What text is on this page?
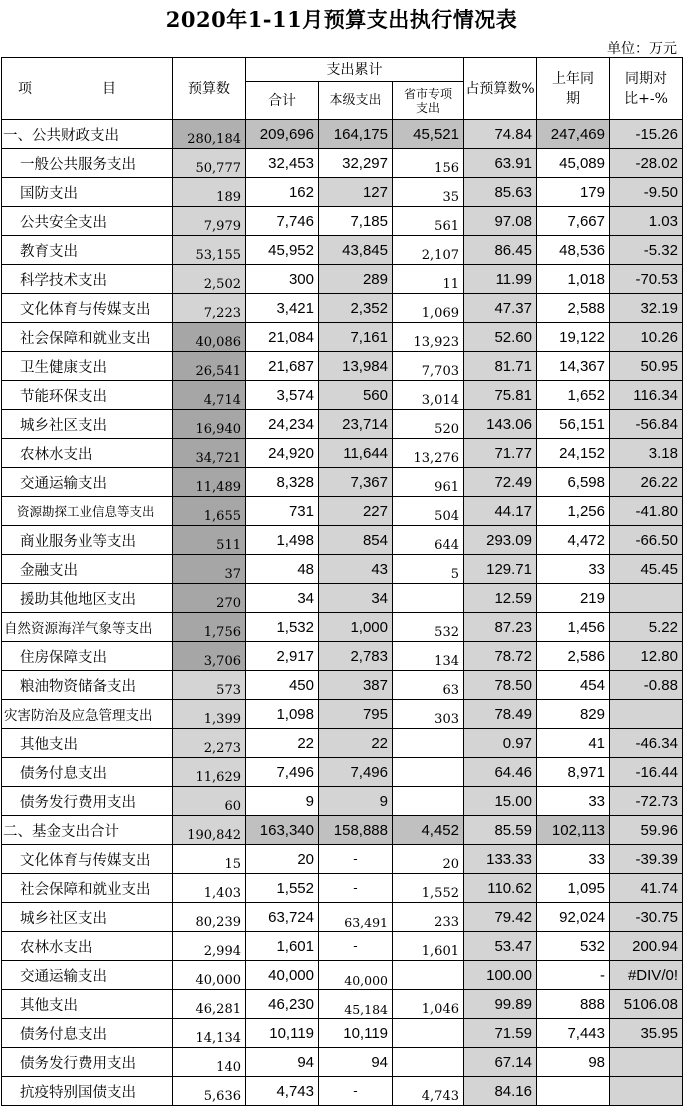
2020年1-11月预算支出执行情况表
单位：万元
项　　　　　目	预算数	支出累计			占预算数%	上年同期	同期对比+-%
		合计	本级支出	省市专项支出			
一、公共财政支出	280,184	209,696	164,175	45,521	74.84	247,469	-15.26
一般公共服务支出	50,777	32,453	32,297	156	63.91	45,089	-28.02
国防支出	189	162	127	35	85.63	179	-9.50
公共安全支出	7,979	7,746	7,185	561	97.08	7,667	1.03
教育支出	53,155	45,952	43,845	2,107	86.45	48,536	-5.32
科学技术支出	2,502	300	289	11	11.99	1,018	-70.53
文化体育与传媒支出	7,223	3,421	2,352	1,069	47.37	2,588	32.19
社会保障和就业支出	40,086	21,084	7,161	13,923	52.60	19,122	10.26
卫生健康支出	26,541	21,687	13,984	7,703	81.71	14,367	50.95
节能环保支出	4,714	3,574	560	3,014	75.81	1,652	116.34
城乡社区支出	16,940	24,234	23,714	520	143.06	56,151	-56.84
农林水支出	34,721	24,920	11,644	13,276	71.77	24,152	3.18
交通运输支出	11,489	8,328	7,367	961	72.49	6,598	26.22
资源勘探工业信息等支出	1,655	731	227	504	44.17	1,256	-41.80
商业服务业等支出	511	1,498	854	644	293.09	4,472	-66.50
金融支出	37	48	43	5	129.71	33	45.45
援助其他地区支出	270	34	34		12.59	219	
自然资源海洋气象等支出	1,756	1,532	1,000	532	87.23	1,456	5.22
住房保障支出	3,706	2,917	2,783	134	78.72	2,586	12.80
粮油物资储备支出	573	450	387	63	78.50	454	-0.88
灾害防治及应急管理支出	1,399	1,098	795	303	78.49	829	
其他支出	2,273	22	22		0.97	41	-46.34
债务付息支出	11,629	7,496	7,496		64.46	8,971	-16.44
债务发行费用支出	60	9	9		15.00	33	-72.73
二、基金支出合计	190,842	163,340	158,888	4,452	85.59	102,113	59.96
文化体育与传媒支出	15	20	-	20	133.33	33	-39.39
社会保障和就业支出	1,403	1,552	-	1,552	110.62	1,095	41.74
城乡社区支出	80,239	63,724	63,491	233	79.42	92,024	-30.75
农林水支出	2,994	1,601	-	1,601	53.47	532	200.94
交通运输支出	40,000	40,000	40,000		100.00	-	#DIV/0!
其他支出	46,281	46,230	45,184	1,046	99.89	888	5106.08
债务付息支出	14,134	10,119	10,119		71.59	7,443	35.95
债务发行费用支出	140	94	94		67.14	98	
抗疫特别国债支出	5,636	4,743	-	4,743	84.16		
